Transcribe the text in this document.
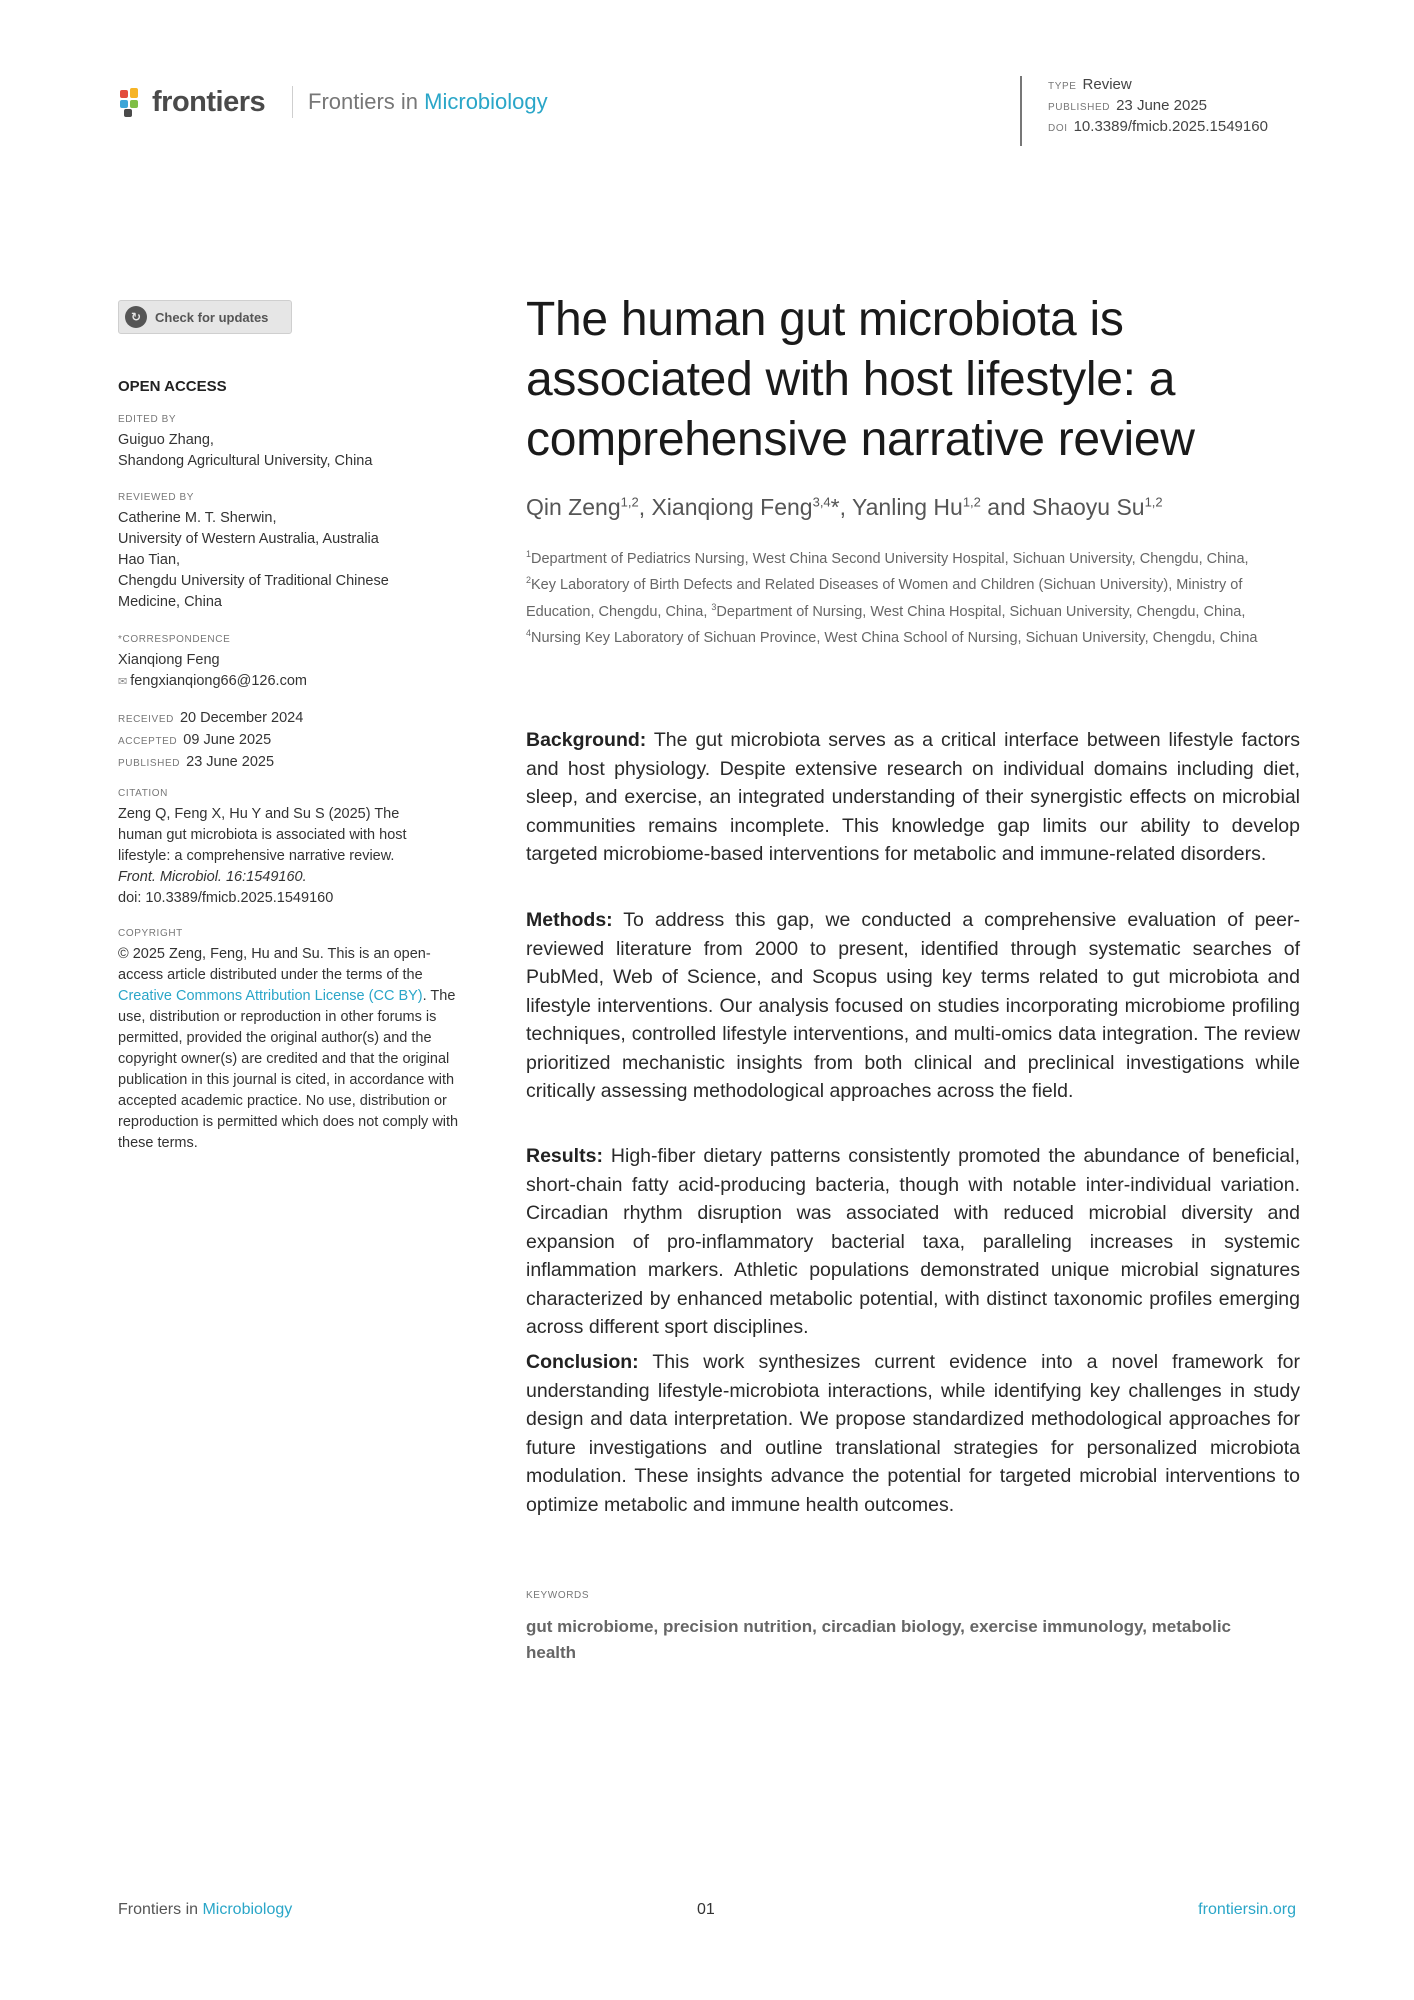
frontiers Frontiers in Microbiology
TYPE Review
PUBLISHED 23 June 2025
DOI 10.3389/fmicb.2025.1549160
↻	Check for updates
OPEN ACCESS
EDITED BY
Guiguo Zhang,
Shandong Agricultural University, China
REVIEWED BY
Catherine M. T. Sherwin,
University of Western Australia, Australia
Hao Tian,
Chengdu University of Traditional Chinese
Medicine, China
*CORRESPONDENCE
Xianqiong Feng
✉ fengxianqiong66@126.com
RECEIVED 20 December 2024
ACCEPTED 09 June 2025
PUBLISHED 23 June 2025
CITATION
Zeng Q, Feng X, Hu Y and Su S (2025) The
human gut microbiota is associated with host
lifestyle: a comprehensive narrative review.
Front. Microbiol. 16:1549160.
doi: 10.3389/fmicb.2025.1549160
COPYRIGHT
© 2025 Zeng, Feng, Hu and Su. This is an open-access article distributed under the terms of the Creative Commons Attribution License (CC BY). The use, distribution or reproduction in other forums is permitted, provided the original author(s) and the copyright owner(s) are credited and that the original publication in this journal is cited, in accordance with accepted academic practice. No use, distribution or reproduction is permitted which does not comply with these terms.
The human gut microbiota is associated with host lifestyle: a comprehensive narrative review
Qin Zeng$^{1,2}$, Xianqiong Feng$^{3,4}$*, Yanling Hu$^{1,2}$ and Shaoyu Su$^{1,2}$
$^1$Department of Pediatrics Nursing, West China Second University Hospital, Sichuan University, Chengdu, China, $^2$Key Laboratory of Birth Defects and Related Diseases of Women and Children (Sichuan University), Ministry of Education, Chengdu, China, $^3$Department of Nursing, West China Hospital, Sichuan University, Chengdu, China, $^4$Nursing Key Laboratory of Sichuan Province, West China School of Nursing, Sichuan University, Chengdu, China

Background: The gut microbiota serves as a critical interface between lifestyle factors and host physiology. Despite extensive research on individual domains including diet, sleep, and exercise, an integrated understanding of their synergistic effects on microbial communities remains incomplete. This knowledge gap limits our ability to develop targeted microbiome-based interventions for metabolic and immune-related disorders.

Methods: To address this gap, we conducted a comprehensive evaluation of peer-reviewed literature from 2000 to present, identified through systematic searches of PubMed, Web of Science, and Scopus using key terms related to gut microbiota and lifestyle interventions. Our analysis focused on studies incorporating microbiome profiling techniques, controlled lifestyle interventions, and multi-omics data integration. The review prioritized mechanistic insights from both clinical and preclinical investigations while critically assessing methodological approaches across the field.

Results: High-fiber dietary patterns consistently promoted the abundance of beneficial, short-chain fatty acid-producing bacteria, though with notable inter-individual variation. Circadian rhythm disruption was associated with reduced microbial diversity and expansion of pro-inflammatory bacterial taxa, paralleling increases in systemic inflammation markers. Athletic populations demonstrated unique microbial signatures characterized by enhanced metabolic potential, with distinct taxonomic profiles emerging across different sport disciplines.

Conclusion: This work synthesizes current evidence into a novel framework for understanding lifestyle-microbiota interactions, while identifying key challenges in study design and data interpretation. We propose standardized methodological approaches for future investigations and outline translational strategies for personalized microbiota modulation. These insights advance the potential for targeted microbial interventions to optimize metabolic and immune health outcomes.

KEYWORDS
gut microbiome, precision nutrition, circadian biology, exercise immunology, metabolic health
Frontiers in Microbiology	01	frontiersin.org
